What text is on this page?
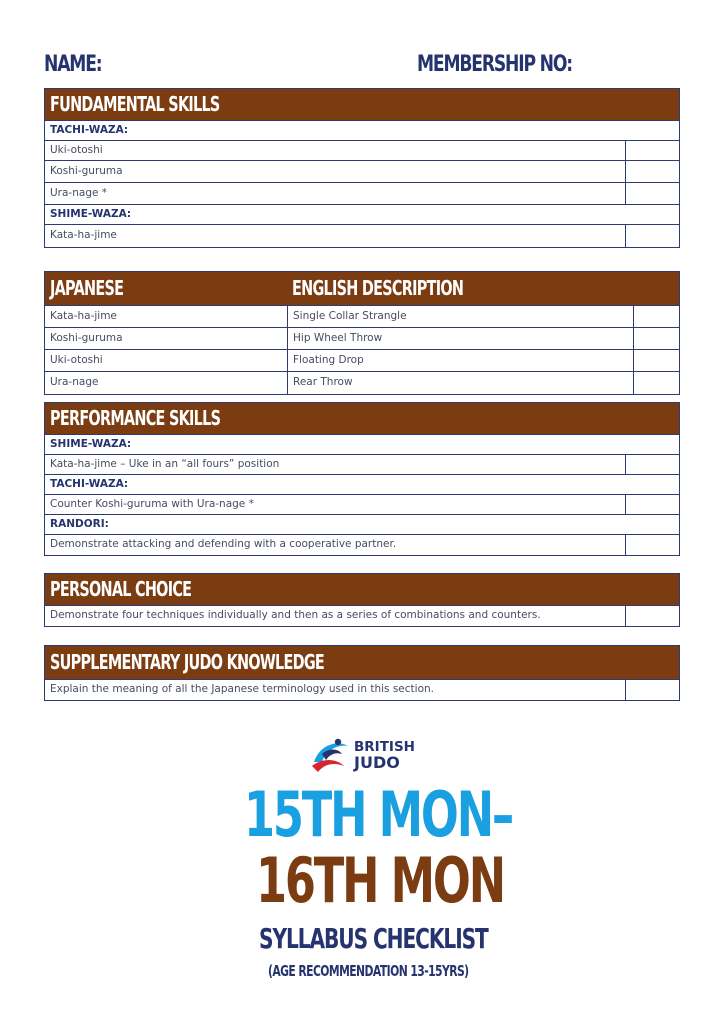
NAME:	MEMBERSHIP NO:
FUNDAMENTAL SKILLS
TACHI-WAZA:
Uki-otoshi
Koshi-guruma
Ura-nage *
SHIME-WAZA:
Kata-ha-jime
JAPANESE	ENGLISH DESCRIPTION
Kata-ha-jime	Single Collar Strangle
Koshi-guruma	Hip Wheel Throw
Uki-otoshi	Floating Drop
Ura-nage	Rear Throw
PERFORMANCE SKILLS
SHIME-WAZA:
Kata-ha-jime – Uke in an “all fours” position
TACHI-WAZA:
Counter Koshi-guruma with Ura-nage *
RANDORI:
Demonstrate attacking and defending with a cooperative partner.
PERSONAL CHOICE
Demonstrate four techniques individually and then as a series of combinations and counters.
SUPPLEMENTARY JUDO KNOWLEDGE
Explain the meaning of all the Japanese terminology used in this section.
BRITISH
JUDO
15TH MON–
16TH MON
SYLLABUS CHECKLIST
(AGE RECOMMENDATION 13-15YRS)
